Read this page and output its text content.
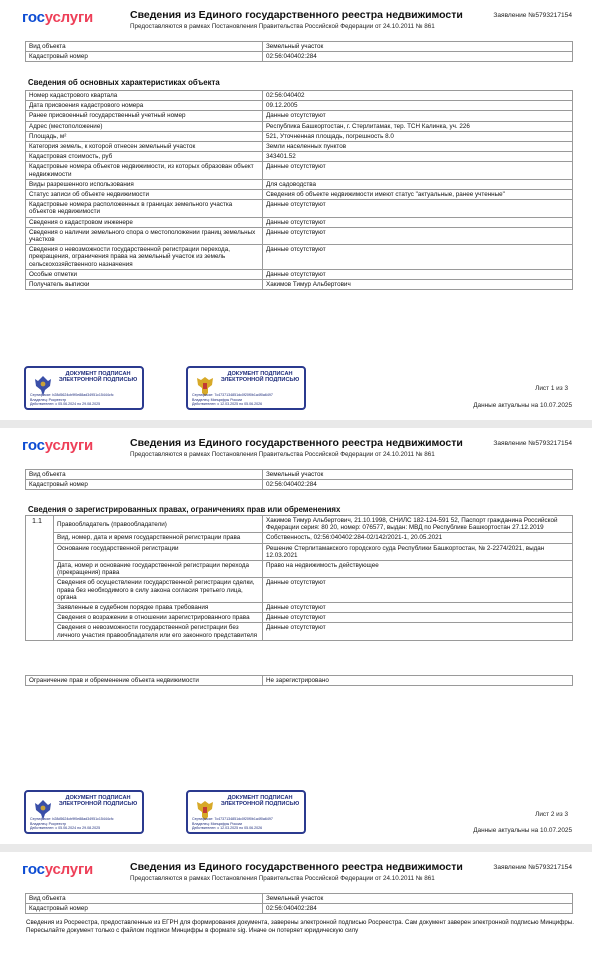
госуслуги	Сведения из Единого государственного реестра недвижимости
Предоставляются в рамках Постановления Правительства Российской Федерации от 24.10.2011 № 861
Заявление №5793217154
Вид объекта	Земельный участок
Кадастровый номер	02:56:040402:284
Сведения об основных характеристиках объекта
Номер кадастрового квартала	02:56:040402
Дата присвоения кадастрового номера	09.12.2005
Ранее присвоенный государственный учетный номер	Данные отсутствуют
Адрес (местоположение)	Республика Башкортостан, г. Стерлитамак, тер. ТСН Калинка, уч. 226
Площадь, м²	521, Уточненная площадь, погрешность 8.0
Категория земель, к которой отнесен земельный участок	Земли населенных пунктов
Кадастровая стоимость, руб	343401.52
Кадастровые номера объектов недвижимости, из которых образован объект недвижимости	Данные отсутствуют
Виды разрешенного использования	Для садоводства
Статус записи об объекте недвижимости	Сведения об объекте недвижимости имеют статус "актуальные, ранее учтенные"
Кадастровые номера расположенных в границах земельного участка объектов недвижимости	Данные отсутствуют
Сведения о кадастровом инженере	Данные отсутствуют
Сведения о наличии земельного спора о местоположении границ земельных участков	Данные отсутствуют
Сведения о невозможности государственной регистрации перехода, прекращения, ограничения права на земельный участок из земель сельскохозяйственного назначения	Данные отсутствуют
Особые отметки	Данные отсутствуют
Получатель выписки	Хакимов Тимур Альбертович
ДОКУМЕНТ ПОДПИСАН ЭЛЕКТРОННОЙ ПОДПИСЬЮ
Сертификат: b28d5624cb9f0e88ad34951c15444cfc
Владелец: Росреестр
Действителен: с 05.06.2024 по 29.08.2025
ДОКУМЕНТ ПОДПИСАН ЭЛЕКТРОННОЙ ПОДПИСЬЮ
Сертификат: 7c4737134851dc0f20f0b1a4f0a6497
Владелец: Минцифры России
Действителен: с 12.03.2025 по 05.06.2026
Лист 1 из 3
Данные актуальны на 10.07.2025
госуслуги	Сведения из Единого государственного реестра недвижимости
Предоставляются в рамках Постановления Правительства Российской Федерации от 24.10.2011 № 861
Заявление №5793217154
Вид объекта	Земельный участок
Кадастровый номер	02:56:040402:284
Сведения о зарегистрированных правах, ограничениях прав или обременениях
1.1	Правообладатель (правообладатели)	Хакимов Тимур Альбертович, 21.10.1998, СНИЛС 182-124-591 52, Паспорт гражданина Российской Федерации серия: 80 20, номер: 076577, выдан: МВД по Республике Башкортостан 27.12.2019
	Вид, номер, дата и время государственной регистрации права	Собственность, 02:56:040402:284-02/142/2021-1, 20.05.2021
	Основание государственной регистрации	Решение Стерлитамакского городского суда Республики Башкортостан, № 2-2274/2021, выдан 12.03.2021
	Дата, номер и основание государственной регистрации перехода (прекращения) права	Право на недвижимость действующее
	Сведения об осуществлении государственной регистрации сделки, права без необходимого в силу закона согласия третьего лица, органа	Данные отсутствуют
	Заявленные в судебном порядке права требования	Данные отсутствуют
	Сведения о возражении в отношении зарегистрированного права	Данные отсутствуют
	Сведения о невозможности государственной регистрации без личного участия правообладателя или его законного представителя	Данные отсутствуют
Ограничение прав и обременение объекта недвижимости	Не зарегистрировано
ДОКУМЕНТ ПОДПИСАН ЭЛЕКТРОННОЙ ПОДПИСЬЮ
Сертификат: b28d5624cb9f0e88ad34951c15444cfc
Владелец: Росреестр
Действителен: с 05.06.2024 по 29.08.2025
ДОКУМЕНТ ПОДПИСАН ЭЛЕКТРОННОЙ ПОДПИСЬЮ
Сертификат: 7c4737134851dc0f20f0b1a4f0a6497
Владелец: Минцифры России
Действителен: с 12.03.2025 по 05.06.2026
Лист 2 из 3
Данные актуальны на 10.07.2025
госуслуги	Сведения из Единого государственного реестра недвижимости
Предоставляются в рамках Постановления Правительства Российской Федерации от 24.10.2011 № 861
Заявление №5793217154
Вид объекта	Земельный участок
Кадастровый номер	02:56:040402:284
Сведения из Росреестра, предоставленные из ЕГРН для формирования документа, заверены электронной подписью Росреестра. Сам документ заверен электронной подписью Минцифры. Пересылайте документ только с файлом подписи Минцифры в формате sig. Иначе он потеряет юридическую силу
